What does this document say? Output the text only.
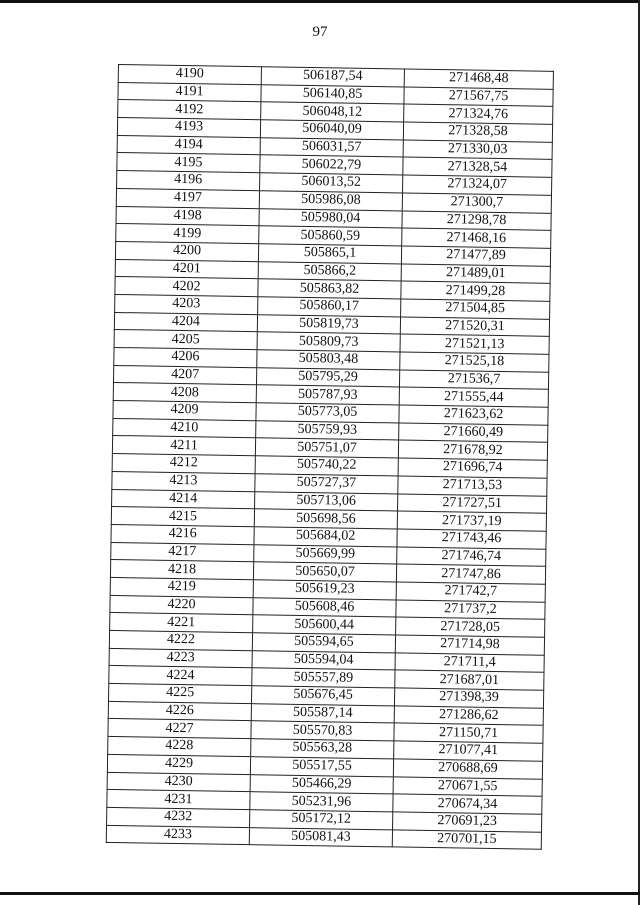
97
4190	506187,54	271468,48
4191	506140,85	271567,75
4192	506048,12	271324,76
4193	506040,09	271328,58
4194	506031,57	271330,03
4195	506022,79	271328,54
4196	506013,52	271324,07
4197	505986,08	271300,7
4198	505980,04	271298,78
4199	505860,59	271468,16
4200	505865,1	271477,89
4201	505866,2	271489,01
4202	505863,82	271499,28
4203	505860,17	271504,85
4204	505819,73	271520,31
4205	505809,73	271521,13
4206	505803,48	271525,18
4207	505795,29	271536,7
4208	505787,93	271555,44
4209	505773,05	271623,62
4210	505759,93	271660,49
4211	505751,07	271678,92
4212	505740,22	271696,74
4213	505727,37	271713,53
4214	505713,06	271727,51
4215	505698,56	271737,19
4216	505684,02	271743,46
4217	505669,99	271746,74
4218	505650,07	271747,86
4219	505619,23	271742,7
4220	505608,46	271737,2
4221	505600,44	271728,05
4222	505594,65	271714,98
4223	505594,04	271711,4
4224	505557,89	271687,01
4225	505676,45	271398,39
4226	505587,14	271286,62
4227	505570,83	271150,71
4228	505563,28	271077,41
4229	505517,55	270688,69
4230	505466,29	270671,55
4231	505231,96	270674,34
4232	505172,12	270691,23
4233	505081,43	270701,15
